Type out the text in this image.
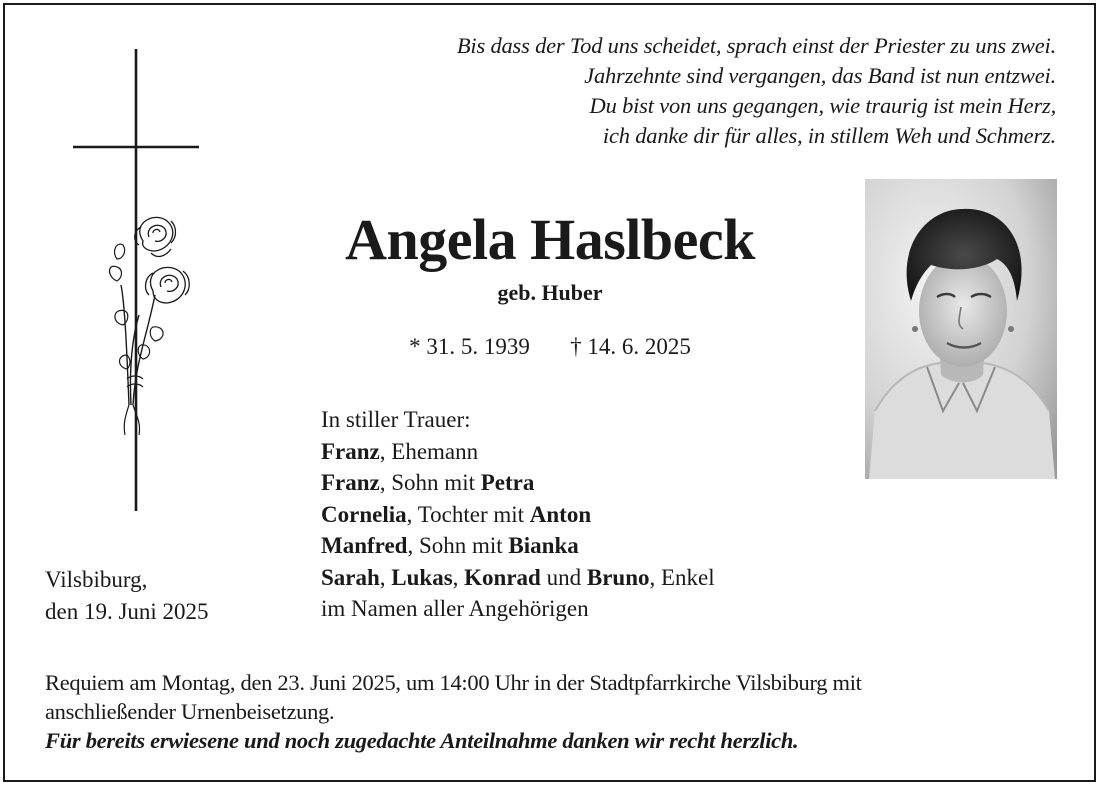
Bis dass der Tod uns scheidet, sprach einst der Priester zu uns zwei.
Jahrzehnte sind vergangen, das Band ist nun entzwei.
Du bist von uns gegangen, wie traurig ist mein Herz,
ich danke dir für alles, in stillem Weh und Schmerz.
Angela Haslbeck
geb. Huber
* 31. 5. 1939       † 14. 6. 2025
In stiller Trauer:
Franz, Ehemann
Franz, Sohn mit Petra
Cornelia, Tochter mit Anton
Manfred, Sohn mit Bianka
Sarah, Lukas, Konrad und Bruno, Enkel
im Namen aller Angehörigen
Vilsbiburg,
den 19. Juni 2025
Requiem am Montag, den 23. Juni 2025, um 14:00 Uhr in der Stadtpfarrkirche Vilsbiburg mit
anschließender Urnenbeisetzung.
Für bereits erwiesene und noch zugedachte Anteilnahme danken wir recht herzlich.
